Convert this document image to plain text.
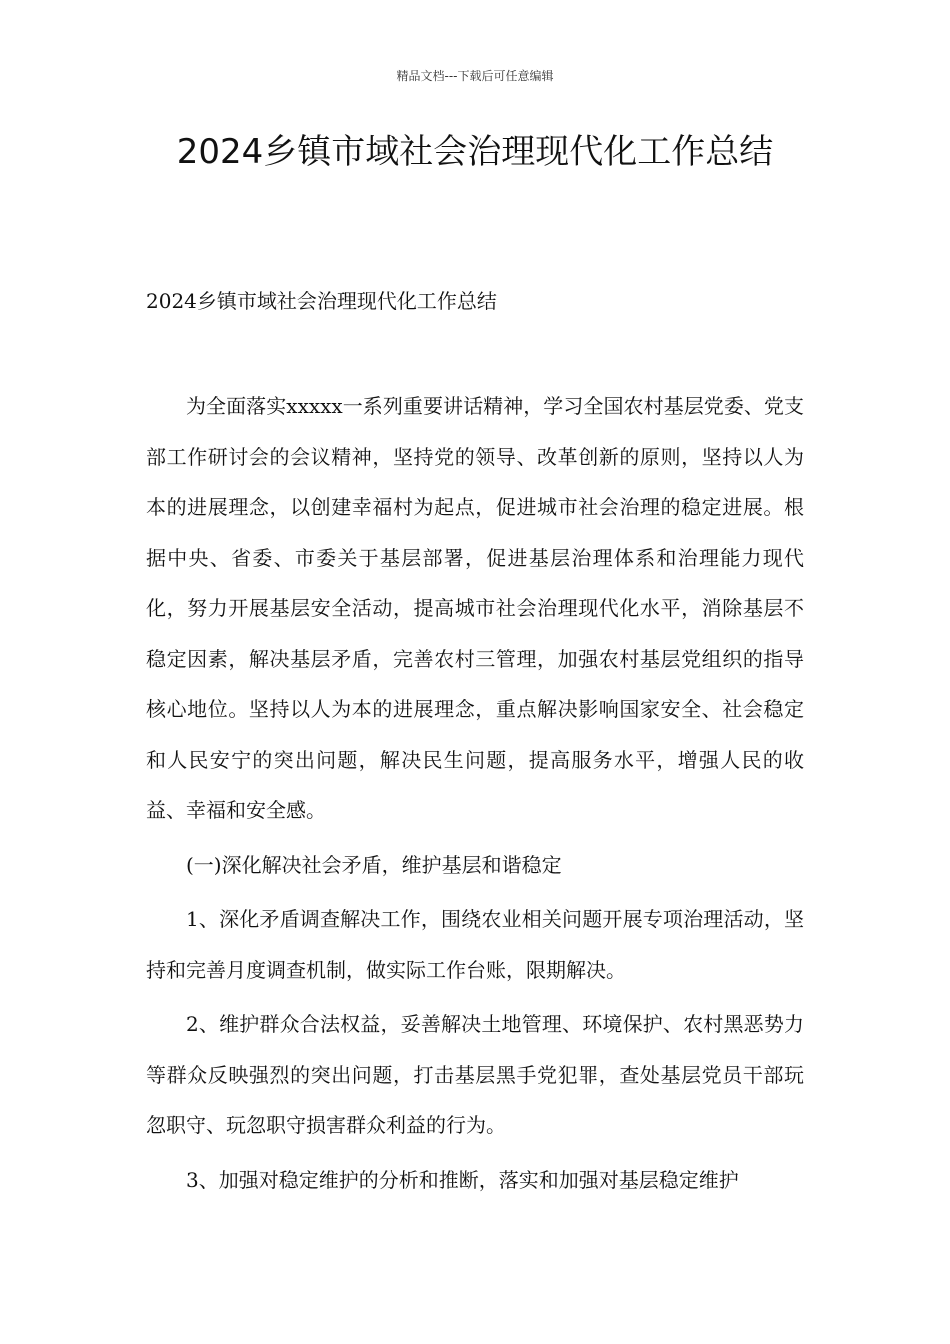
精品文档---下载后可任意编辑
2024乡镇市域社会治理现代化工作总结
2024乡镇市域社会治理现代化工作总结

为全面落实xxxxx一系列重要讲话精神，学习全国农村基层党委、党支部工作研讨会的会议精神，坚持党的领导、改革创新的原则，坚持以人为本的进展理念，以创建幸福村为起点，促进城市社会治理的稳定进展。根据中央、省委、市委关于基层部署，促进基层治理体系和治理能力现代化，努力开展基层安全活动，提高城市社会治理现代化水平，消除基层不稳定因素，解决基层矛盾，完善农村三管理，加强农村基层党组织的指导核心地位。坚持以人为本的进展理念，重点解决影响国家安全、社会稳定和人民安宁的突出问题，解决民生问题，提高服务水平，增强人民的收益、幸福和安全感。

(一)深化解决社会矛盾，维护基层和谐稳定

1、深化矛盾调查解决工作，围绕农业相关问题开展专项治理活动，坚持和完善月度调查机制，做实际工作台账，限期解决。

2、维护群众合法权益，妥善解决土地管理、环境保护、农村黑恶势力等群众反映强烈的突出问题，打击基层黑手党犯罪，查处基层党员干部玩忽职守、玩忽职守损害群众利益的行为。

3、加强对稳定维护的分析和推断，落实和加强对基层稳定维护
